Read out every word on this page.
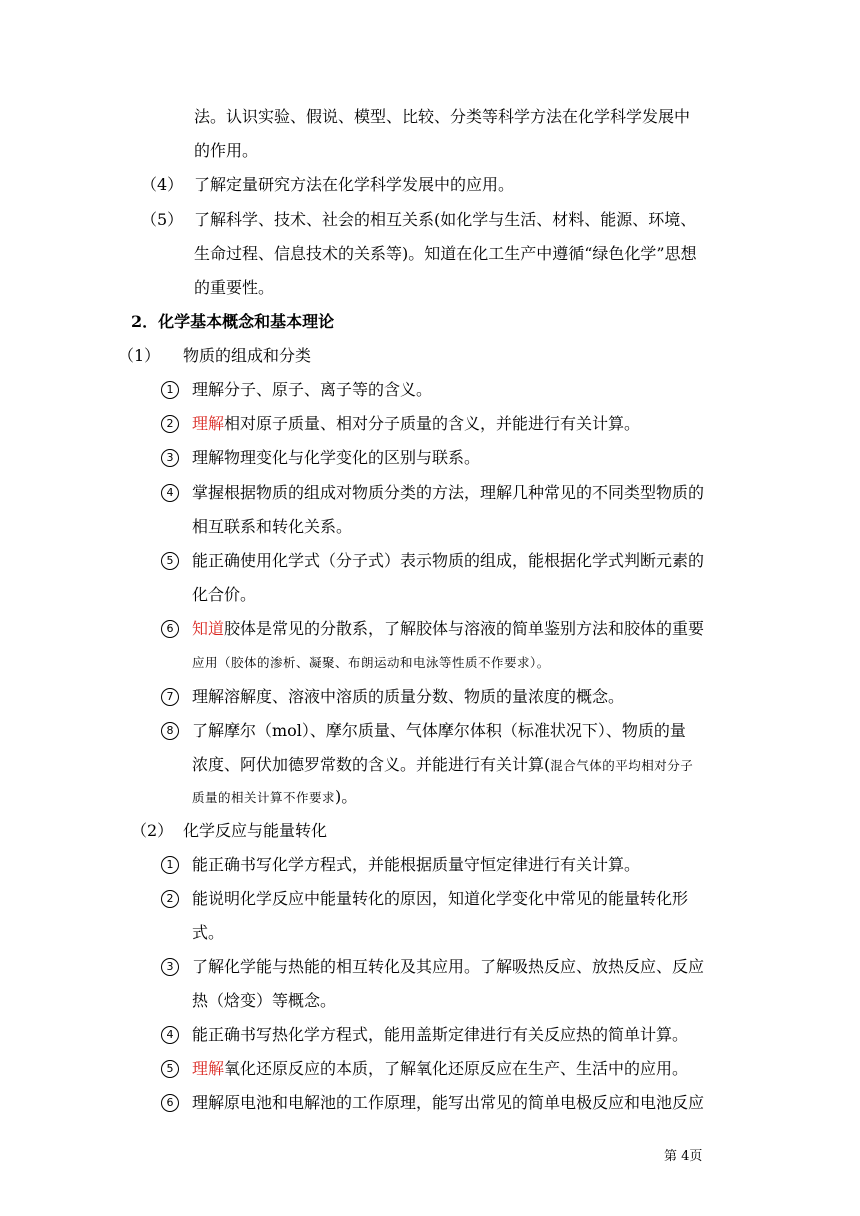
法。认识实验、假说、模型、比较、分类等科学方法在化学科学发展中
的作用。
（4） 了解定量研究方法在化学科学发展中的应用。
（5） 了解科学、技术、社会的相互关系(如化学与生活、材料、能源、环境、
生命过程、信息技术的关系等)。知道在化工生产中遵循“绿色化学”思想
的重要性。
2．化学基本概念和基本理论
（1） 物质的组成和分类
1	理解分子、原子、离子等的含义。
2	理解相对原子质量、相对分子质量的含义，并能进行有关计算。
3	理解物理变化与化学变化的区别与联系。
4	掌握根据物质的组成对物质分类的方法，理解几种常见的不同类型物质的
相互联系和转化关系。
5	能正确使用化学式（分子式）表示物质的组成，能根据化学式判断元素的
化合价。
6	知道胶体是常见的分散系，了解胶体与溶液的简单鉴别方法和胶体的重要
应用（胶体的渗析、凝聚、布朗运动和电泳等性质不作要求）。
7	理解溶解度、溶液中溶质的质量分数、物质的量浓度的概念。
8	了解摩尔（mol）、摩尔质量、气体摩尔体积（标准状况下）、物质的量
浓度、阿伏加德罗常数的含义。并能进行有关计算(混合气体的平均相对分子
质量的相关计算不作要求)。
（2） 化学反应与能量转化
1	能正确书写化学方程式，并能根据质量守恒定律进行有关计算。
2	能说明化学反应中能量转化的原因，知道化学变化中常见的能量转化形
式。
3	了解化学能与热能的相互转化及其应用。了解吸热反应、放热反应、反应
热（焓变）等概念。
4	能正确书写热化学方程式，能用盖斯定律进行有关反应热的简单计算。
5	理解氧化还原反应的本质，了解氧化还原反应在生产、生活中的应用。
6	理解原电池和电解池的工作原理，能写出常见的简单电极反应和电池反应
第 4页
